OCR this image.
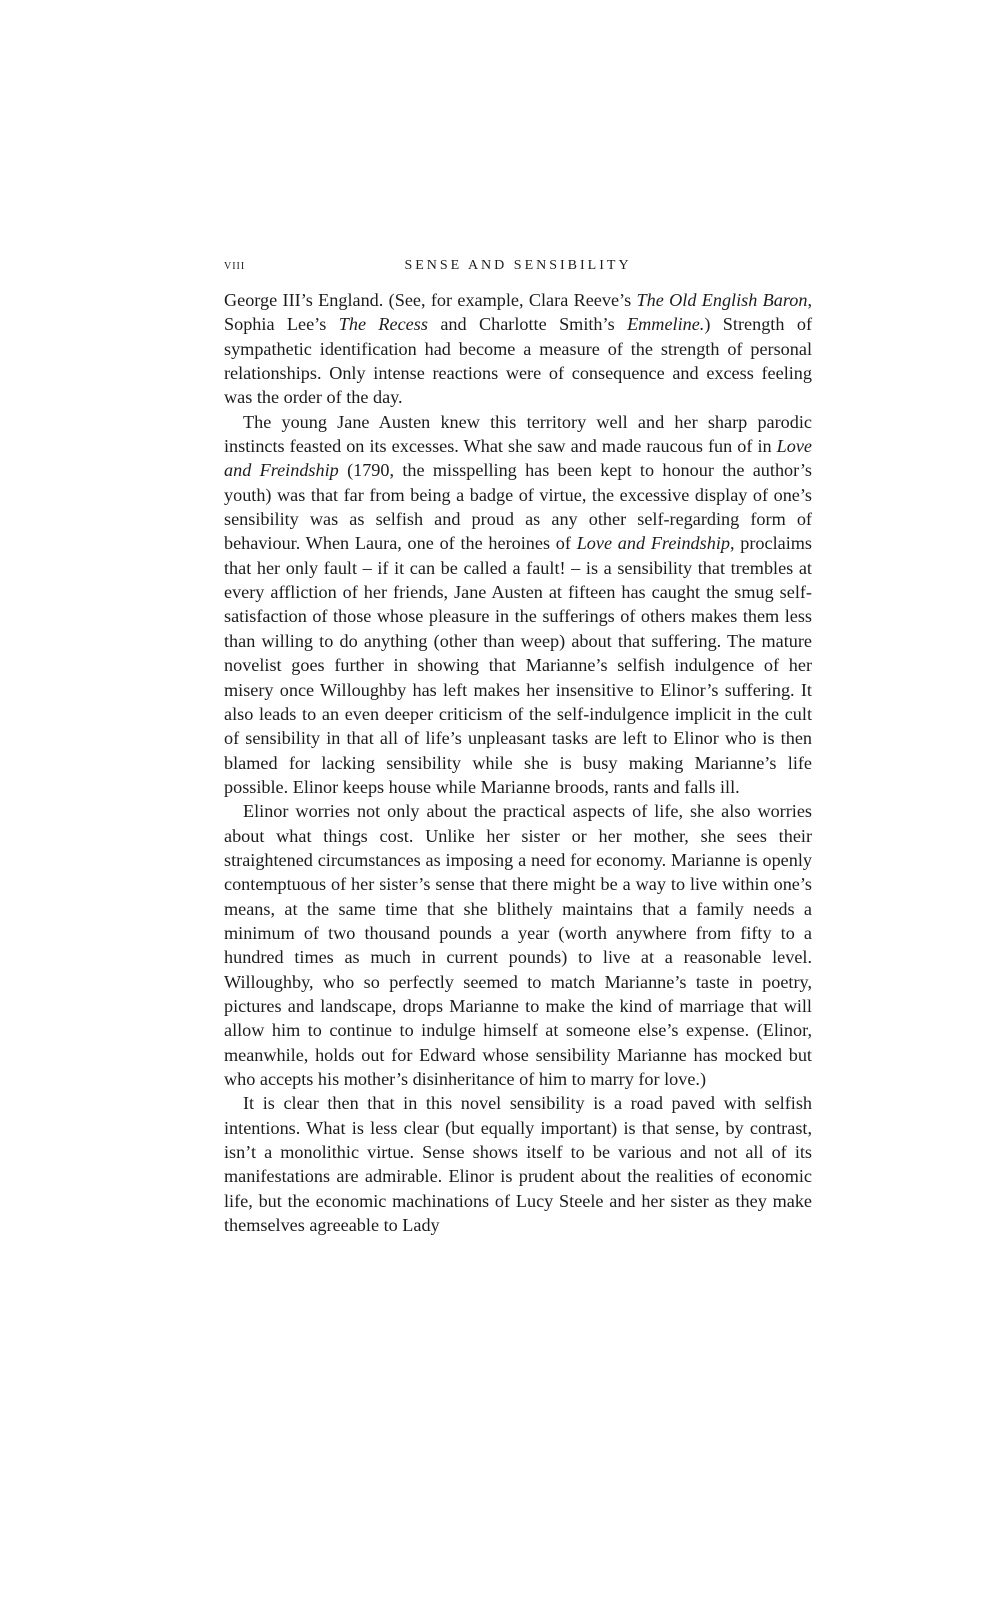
viii	SENSE AND SENSIBILITY

George III’s England. (See, for example, Clara Reeve’s The Old English Baron, Sophia Lee’s The Recess and Charlotte Smith’s Emmeline.) Strength of sympathetic identification had become a measure of the strength of personal relationships. Only intense reactions were of consequence and excess feeling was the order of the day.

The young Jane Austen knew this territory well and her sharp parodic instincts feasted on its excesses. What she saw and made raucous fun of in Love and Freindship (1790, the misspelling has been kept to honour the author’s youth) was that far from being a badge of virtue, the excessive display of one’s sensibility was as selfish and proud as any other self-regarding form of behaviour. When Laura, one of the heroines of Love and Freindship, proclaims that her only fault – if it can be called a fault! – is a sensibility that trembles at every affliction of her friends, Jane Austen at fifteen has caught the smug self-satisfaction of those whose pleasure in the sufferings of others makes them less than willing to do anything (other than weep) about that suffering. The mature novelist goes further in showing that Marianne’s selfish indulgence of her misery once Willoughby has left makes her insensitive to Elinor’s suffering. It also leads to an even deeper criticism of the self-indulgence implicit in the cult of sensibility in that all of life’s unpleasant tasks are left to Elinor who is then blamed for lacking sensibility while she is busy making Marianne’s life possible. Elinor keeps house while Marianne broods, rants and falls ill.

Elinor worries not only about the practical aspects of life, she also worries about what things cost. Unlike her sister or her mother, she sees their straightened circumstances as imposing a need for economy. Marianne is openly contemptuous of her sister’s sense that there might be a way to live within one’s means, at the same time that she blithely maintains that a family needs a minimum of two thousand pounds a year (worth anywhere from fifty to a hundred times as much in current pounds) to live at a reasonable level. Willoughby, who so perfectly seemed to match Marianne’s taste in poetry, pictures and landscape, drops Marianne to make the kind of marriage that will allow him to continue to indulge himself at someone else’s expense. (Elinor, meanwhile, holds out for Edward whose sensibility Marianne has mocked but who accepts his mother’s disinheritance of him to marry for love.)

It is clear then that in this novel sensibility is a road paved with selfish intentions. What is less clear (but equally important) is that sense, by contrast, isn’t a monolithic virtue. Sense shows itself to be various and not all of its manifestations are admirable. Elinor is prudent about the realities of economic life, but the economic machinations of Lucy Steele and her sister as they make themselves agreeable to Lady
